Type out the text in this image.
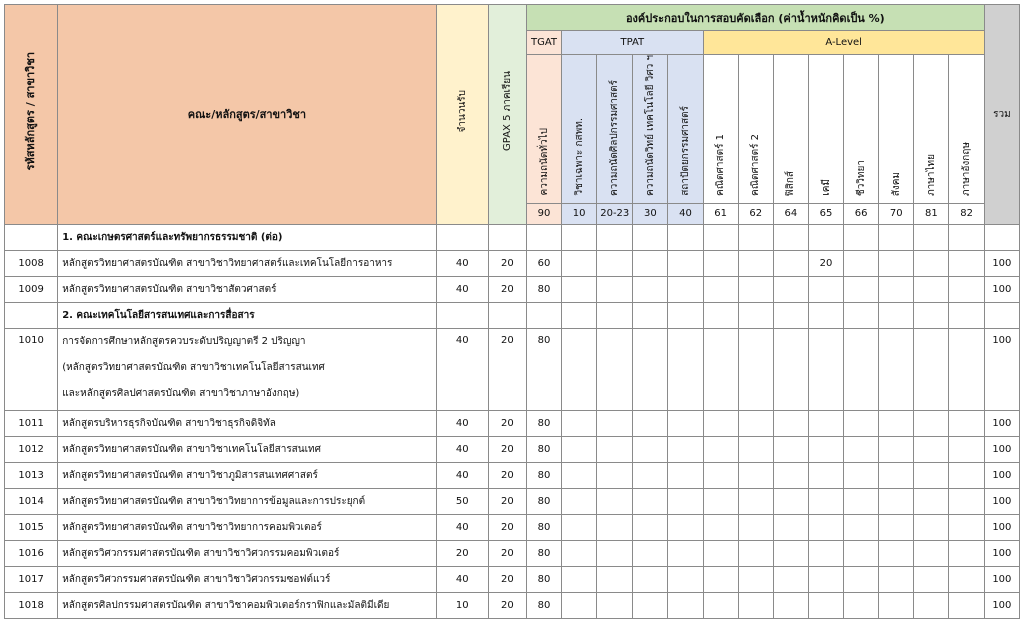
รหัสหลักสูตร / สาขาวิชา	คณะ/หลักสูตร/สาขาวิชา	จำนวนรับ	GPAX 5 ภาคเรียน	องค์ประกอบในการสอบคัดเลือก (ค่าน้ำหนักคิดเป็น %)													รวม
				TGAT	TPAT				A-Level								
				ความถนัดทั่วไป	วิชาเฉพาะ กสพท.	ความถนัดศิลปกรรมศาสตร์	ความถนัดวิทย์ เทคโนโลยี วิศว ฯ	สถาปัตยกรรมศาสตร์	คณิตศาสตร์ 1	คณิตศาสตร์ 2	ฟิสิกส์	เคมี	ชีววิทยา	สังคม	ภาษาไทย	ภาษาอังกฤษ	
				90	10	20-23	30	40	61	62	64	65	66	70	81	82	
	1. คณะเกษตรศาสตร์และทรัพยากรธรรมชาติ (ต่อ)																
1008	หลักสูตรวิทยาศาสตรบัณฑิต สาขาวิชาวิทยาศาสตร์และเทคโนโลยีการอาหาร	40	20	60								20					100
1009	หลักสูตรวิทยาศาสตรบัณฑิต สาขาวิชาสัตวศาสตร์	40	20	80													100
	2. คณะเทคโนโลยีสารสนเทศและการสื่อสาร																
1010	การจัดการศึกษาหลักสูตรควบระดับปริญญาตรี 2 ปริญญา
(หลักสูตรวิทยาศาสตรบัณฑิต สาขาวิชาเทคโนโลยีสารสนเทศ
และหลักสูตรศิลปศาสตรบัณฑิต สาขาวิชาภาษาอังกฤษ)	40	20	80													100
1011	หลักสูตรบริหารธุรกิจบัณฑิต สาขาวิชาธุรกิจดิจิทัล	40	20	80													100
1012	หลักสูตรวิทยาศาสตรบัณฑิต สาขาวิชาเทคโนโลยีสารสนเทศ	40	20	80													100
1013	หลักสูตรวิทยาศาสตรบัณฑิต สาขาวิชาภูมิสารสนเทศศาสตร์	40	20	80													100
1014	หลักสูตรวิทยาศาสตรบัณฑิต สาขาวิชาวิทยาการข้อมูลและการประยุกต์	50	20	80													100
1015	หลักสูตรวิทยาศาสตรบัณฑิต สาขาวิชาวิทยาการคอมพิวเตอร์	40	20	80													100
1016	หลักสูตรวิศวกรรมศาสตรบัณฑิต สาขาวิชาวิศวกรรมคอมพิวเตอร์	20	20	80													100
1017	หลักสูตรวิศวกรรมศาสตรบัณฑิต สาขาวิชาวิศวกรรมซอฟต์แวร์	40	20	80													100
1018	หลักสูตรศิลปกรรมศาสตรบัณฑิต สาขาวิชาคอมพิวเตอร์กราฟิกและมัลติมีเดีย	10	20	80													100
